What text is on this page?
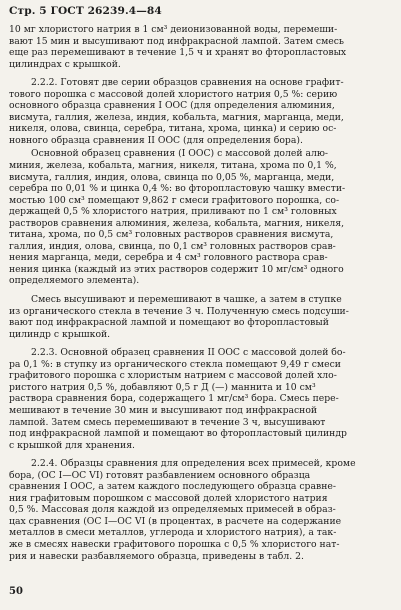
Стр. 5 ГОСТ 26239.4—84
10 мг хлористого натрия в 1 см³ деионизованной воды, перемеши-
вают 15 мин и высушивают под инфракрасной лампой. Затем смесь
еще раз перемешивают в течение 1,5 ч и хранят во фторопластовых
цилиндрах с крышкой.
2.2.2. Готовят две серии образцов сравнения на основе графит-
тового порошка с массовой долей хлористого натрия 0,5 %: серию
основного образца сравнения I ООС (для определения алюминия,
висмута, галлия, железа, индия, кобальта, магния, марганца, меди,
никеля, олова, свинца, серебра, титана, хрома, цинка) и серию ос-
новного образца сравнения II ООС (для определения бора).
Основной образец сравнения (I ООС) с массовой долей алю-
миния, железа, кобальта, магния, никеля, титана, хрома по 0,1 %,
висмута, галлия, индия, олова, свинца по 0,05 %, марганца, меди,
серебра по 0,01 % и цинка 0,4 %: во фторопластовую чашку вмести-
мостью 100 см³ помещают 9,862 г смеси графитового порошка, со-
держащей 0,5 % хлористого натрия, приливают по 1 см³ головных
растворов сравнения алюминия, железа, кобальта, магния, никеля,
титана, хрома, по 0,5 см³ головных растворов сравнения висмута,
галлия, индия, олова, свинца, по 0,1 см³ головных растворов срав-
нения марганца, меди, серебра и 4 см³ головного раствора срав-
нения цинка (каждый из этих растворов содержит 10 мг/см³ одного
определяемого элемента).
Смесь высушивают и перемешивают в чашке, а затем в ступке
из органического стекла в течение 3 ч. Полученную смесь подсуши-
вают под инфракрасной лампой и помещают во фторопластовый
цилиндр с крышкой.
2.2.3. Основной образец сравнения II ООС с массовой долей бо-
ра 0,1 %: в ступку из органического стекла помещают 9,49 г смеси
графитового порошка с хлористым натрием с массовой долей хло-
ристого натрия 0,5 %, добавляют 0,5 г Д (—) маннита и 10 см³
раствора сравнения бора, содержащего 1 мг/см³ бора. Смесь пере-
мешивают в течение 30 мин и высушивают под инфракрасной
лампой. Затем смесь перемешивают в течение 3 ч, высушивают
под инфракрасной лампой и помещают во фторопластовый цилиндр
с крышкой для хранения.
2.2.4. Образцы сравнения для определения всех примесей, кроме
бора, (ОС I—ОС VI) готовят разбавлением основного образца
сравнения I ООС, а затем каждого последующего образца сравне-
ния графитовым порошком с массовой долей хлористого натрия
0,5 %. Массовая доля каждой из определяемых примесей в образ-
цах сравнения (ОС I—ОС VI (в процентах, в расчете на содержание
металлов в смеси металлов, углерода и хлористого натрия), а так-
же в смесях навески графитового порошка с 0,5 % хлористого нат-
рия и навески разбавляемого образца, приведены в табл. 2.
50
